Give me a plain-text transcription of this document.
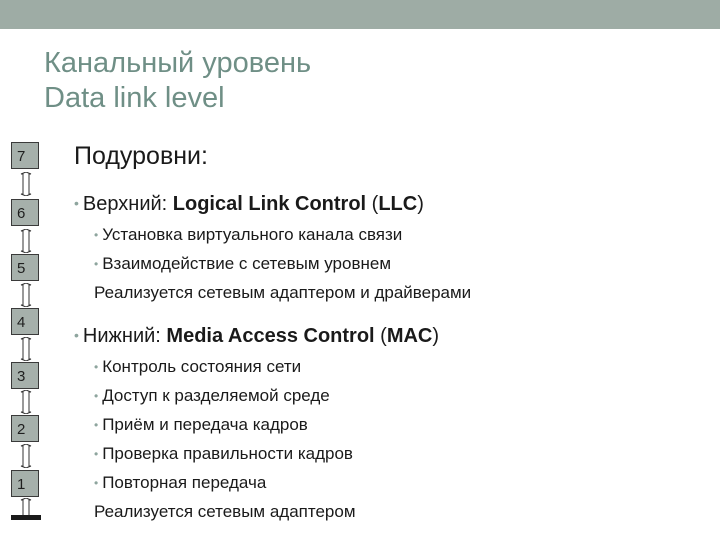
Канальный уровень
Data link level
7
6
5
4
3
2
1
Подуровни:
• Верхний: Logical Link Control (LLC)
• Установка виртуального канала связи
• Взаимодействие с сетевым уровнем
Реализуется сетевым адаптером и драйверами
• Нижний: Media Access Control (MAC)
• Контроль состояния сети
• Доступ к разделяемой среде
• Приём и передача кадров
• Проверка правильности кадров
• Повторная передача
Реализуется сетевым адаптером
